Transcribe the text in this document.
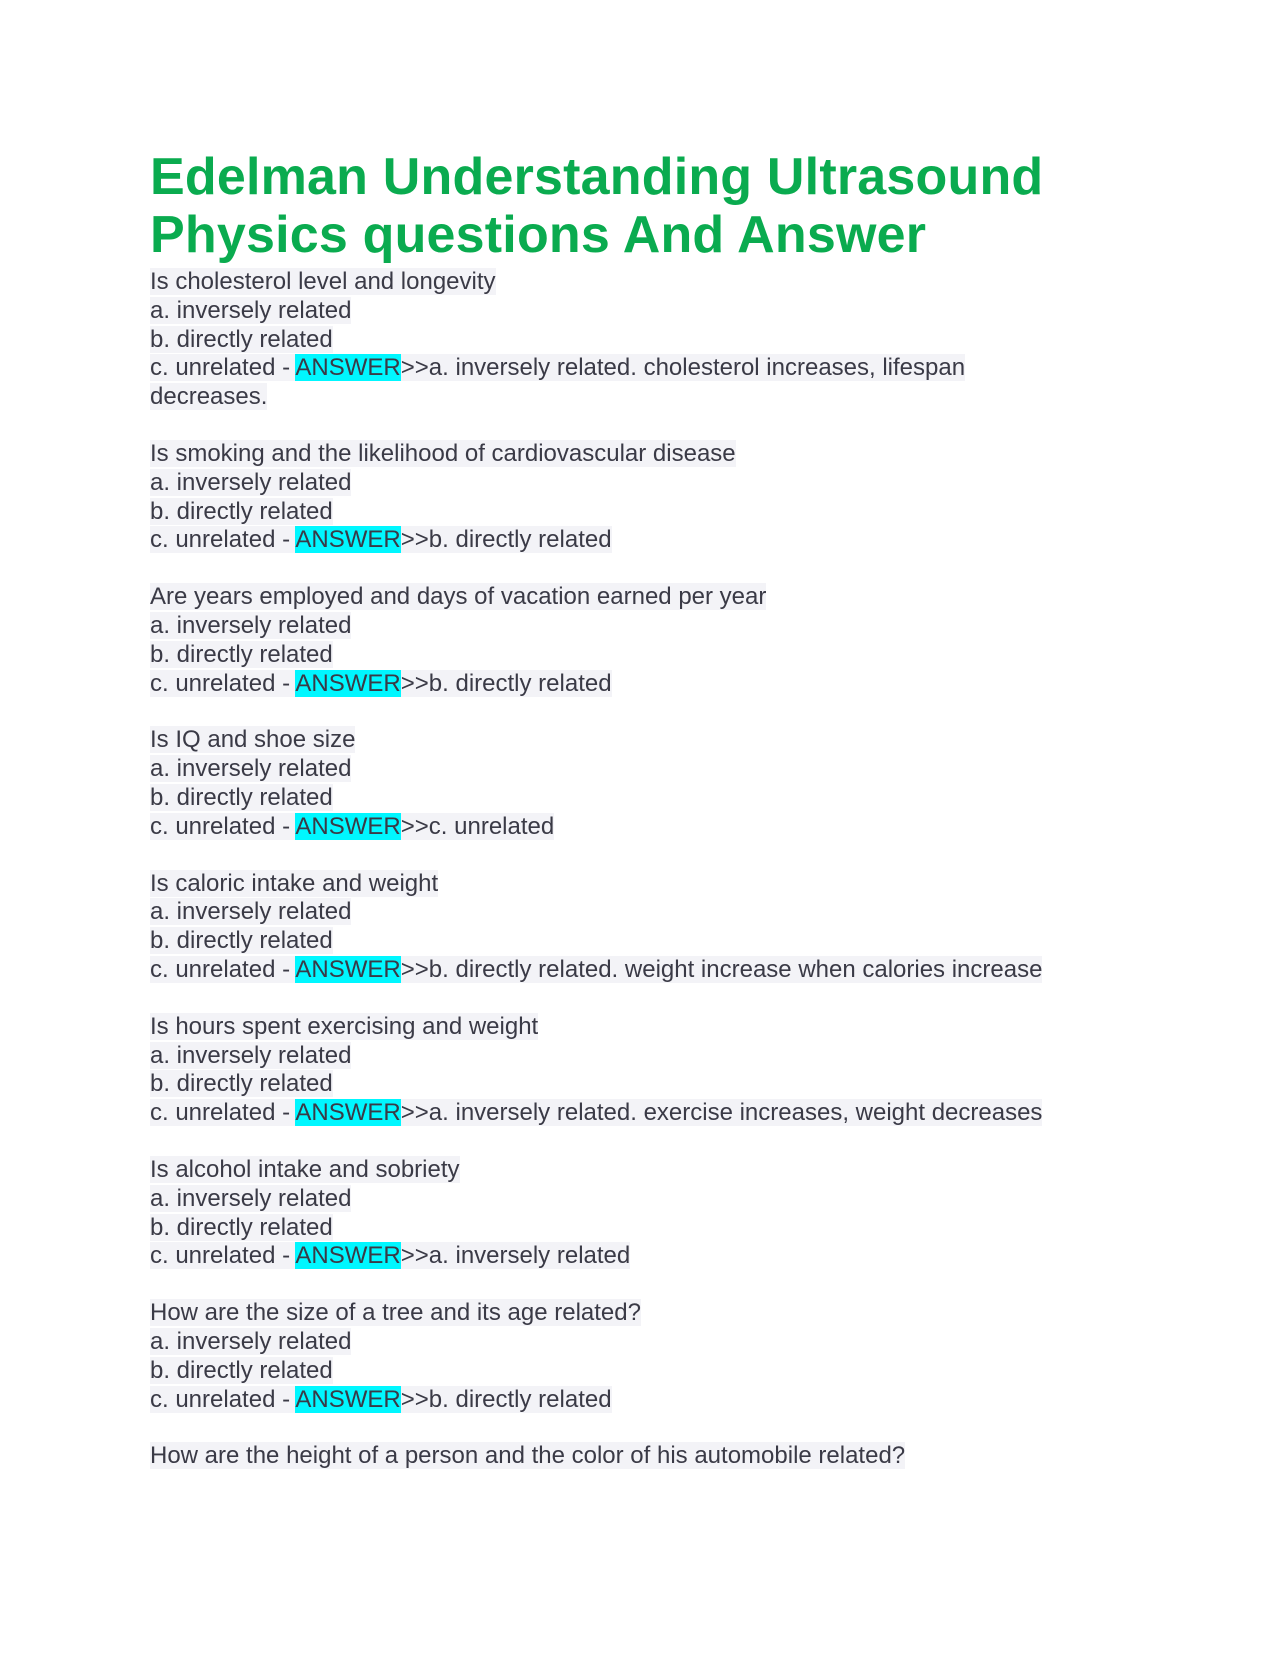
Edelman Understanding Ultrasound
Physics questions And Answer

Is cholesterol level and longevity
a. inversely related
b. directly related
c. unrelated - ANSWER>>a. inversely related. cholesterol increases, lifespan
decreases.

Is smoking and the likelihood of cardiovascular disease
a. inversely related
b. directly related
c. unrelated - ANSWER>>b. directly related

Are years employed and days of vacation earned per year
a. inversely related
b. directly related
c. unrelated - ANSWER>>b. directly related

Is IQ and shoe size
a. inversely related
b. directly related
c. unrelated - ANSWER>>c. unrelated

Is caloric intake and weight
a. inversely related
b. directly related
c. unrelated - ANSWER>>b. directly related. weight increase when calories increase

Is hours spent exercising and weight
a. inversely related
b. directly related
c. unrelated - ANSWER>>a. inversely related. exercise increases, weight decreases

Is alcohol intake and sobriety
a. inversely related
b. directly related
c. unrelated - ANSWER>>a. inversely related

How are the size of a tree and its age related?
a. inversely related
b. directly related
c. unrelated - ANSWER>>b. directly related

How are the height of a person and the color of his automobile related?
